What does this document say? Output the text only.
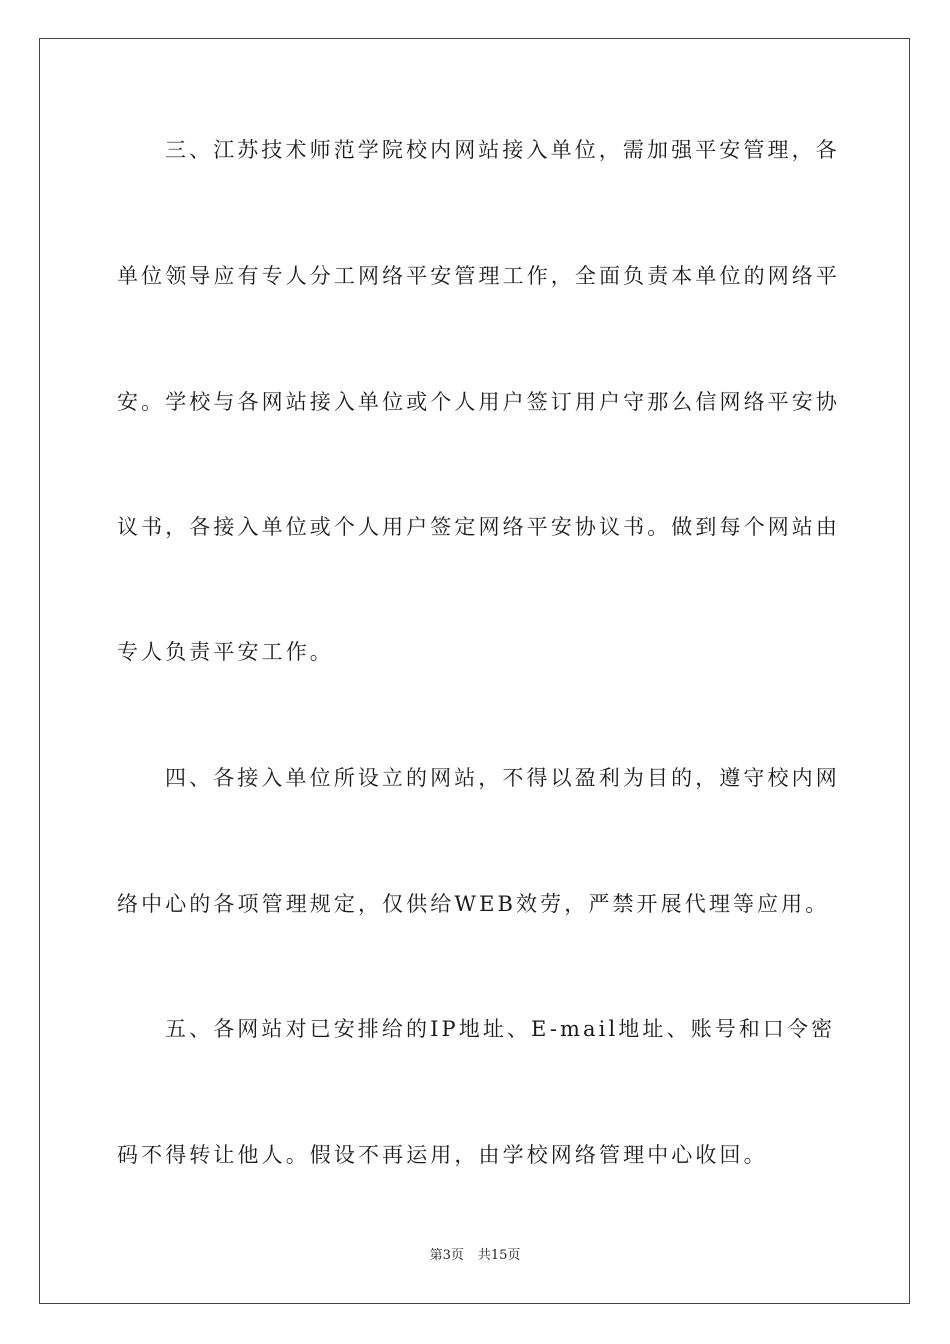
三、江苏技术师范学院校内网站接入单位，需加强平安管理，各
单位领导应有专人分工网络平安管理工作，全面负责本单位的网络平
安。学校与各网站接入单位或个人用户签订用户守那么信网络平安协
议书，各接入单位或个人用户签定网络平安协议书。做到每个网站由
专人负责平安工作。
四、各接入单位所设立的网站，不得以盈利为目的，遵守校内网
络中心的各项管理规定，仅供给WEB效劳，严禁开展代理等应用。
五、各网站对已安排给的IP地址、E-mail地址、账号和口令密
码不得转让他人。假设不再运用，由学校网络管理中心收回。
第3页 共15页
